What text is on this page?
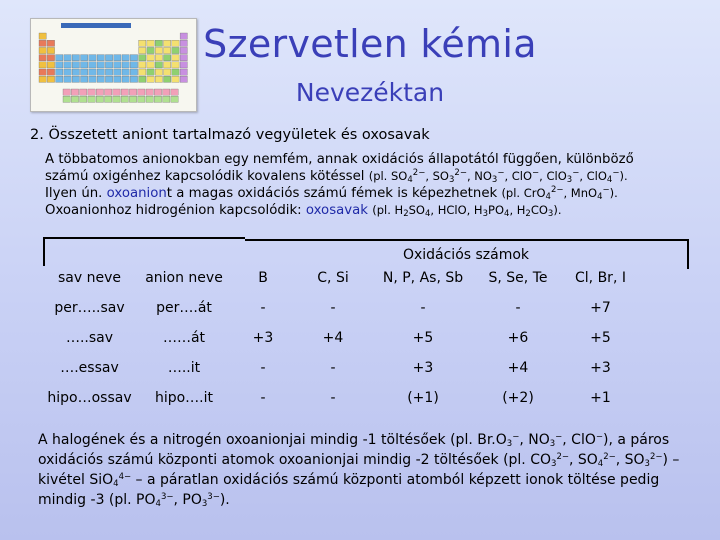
Szervetlen kémia
Nevezéktan
2. Összetett aniont tartalmazó vegyületek és oxosavak
A többatomos anionokban egy nemfém, annak oxidációs állapotától függően, különböző
számú oxigénhez kapcsolódik kovalens kötéssel (pl. $SO_4^{2-}$, $SO_3^{2-}$, $NO_3^-$, ClO−, ClO$_3$−, ClO$_4$−).
Ilyen ún. oxoaniont a magas oxidációs számú fémek is képezhetnek (pl. CrO$_4^{2-}$, MnO$_4$−).
Oxoanionhoz hidrogénion kapcsolódik: oxosavak (pl. $H_2SO_4$, HClO, $H_3PO_4$, $H_2CO_3$).
Oxidációs számok
sav neve	anion neve	B	C, Si	N, P, As, Sb	S, Se, Te	Cl, Br, I
per…..sav	per….át	-	-	-	-	+7
…..sav	……át	+3	+4	+5	+6	+5
….essav	…..it	-	-	+3	+4	+3
hipo…ossav	hipo….it	-	-	(+1)	(+2)	+1
A halogének és a nitrogén oxoanionjai mindig -1 töltésőek (pl. $Br.O_3^-$, $NO_3^-$, ClO−), a páros oxidációs számú központi atomok oxoanionjai mindig -2 töltésőek (pl. $CO_3^{2-}$, $SO_4^{2-}$, $SO_3^{2-}$) – kivétel SiO$_4^{4-}$ – a páratlan oxidációs számú központi atomból képzett ionok töltése pedig mindig -3 (pl. $PO_4^{3-}$, $PO_3^{3-}$).
